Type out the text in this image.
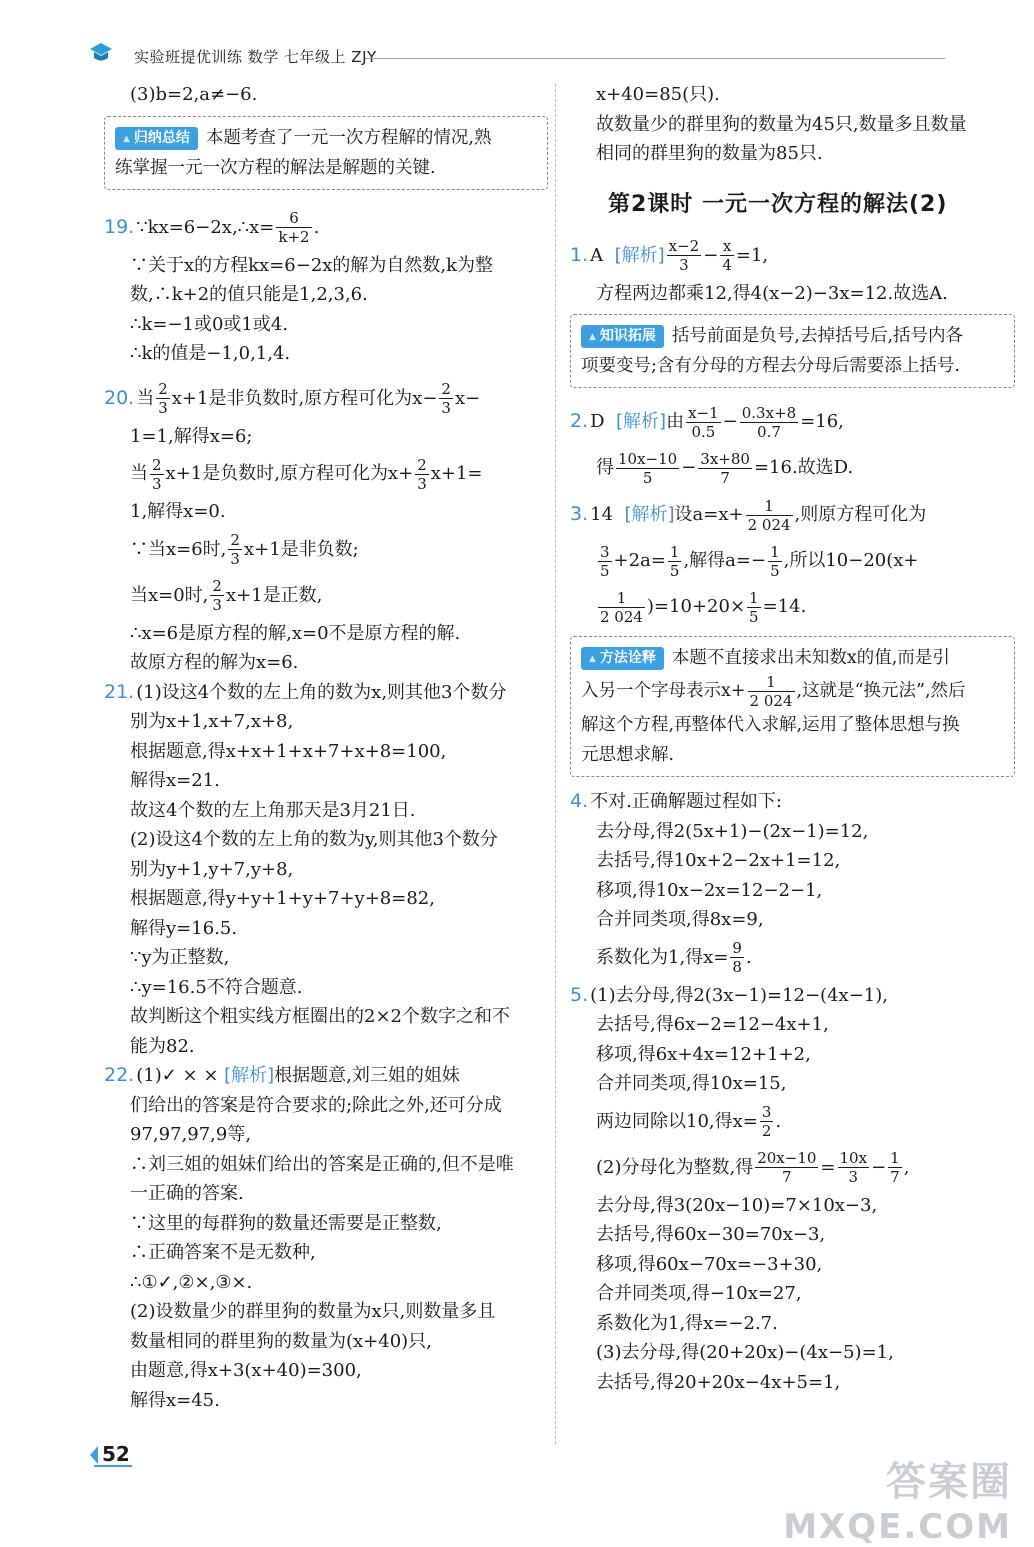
实验班提优训练 数学 七年级上 ZJY
(3)b=2,a≠−6.
▲ 归纳总结 本题考查了一元一次方程解的情况,熟
练掌握一元一次方程的解法是解题的关键.
19. ∵kx=6−2x,∴x= $\frac{6}{k+2}$ .
∵关于x的方程kx=6−2x的解为自然数,k为整
数,∴k+2的值只能是1,2,3,6.
∴k=−1或0或1或4.
∴k的值是−1,0,1,4.
20. 当 $\frac{2}{3} x+1$是非负数时,原方程可化为$x- \frac{2}{3} x-$
1=1,解得x=6;
当 $\frac{2}{3} x+1$是负数时,原方程可化为$x+ \frac{2}{3} x+1=$
1,解得x=0.
∵当x=6时, $\frac{2}{3} x+1$是非负数;
当x=0时, $\frac{2}{3} x+1$是正数,
∴x=6是原方程的解,x=0不是原方程的解.
故原方程的解为x=6.
21. (1)设这4个数的左上角的数为x,则其他3个数分
别为x+1,x+7,x+8,
根据题意,得x+x+1+x+7+x+8=100,
解得x=21.
故这4个数的左上角那天是3月21日.
(2)设这4个数的左上角的数为y,则其他3个数分
别为y+1,y+7,y+8,
根据题意,得y+y+1+y+7+y+8=82,
解得y=16.5.
∵y为正整数,
∴y=16.5不符合题意.
故判断这个粗实线方框圈出的2×2个数字之和不
能为82.
22. (1)✓ × × [解析]根据题意,刘三姐的姐妹
们给出的答案是符合要求的;除此之外,还可分成
97,97,97,9等,
∴刘三姐的姐妹们给出的答案是正确的,但不是唯
一正确的答案.
∵这里的每群狗的数量还需要是正整数,
∴正确答案不是无数种,
∴①✓,②×,③×.
(2)设数量少的群里狗的数量为x只,则数量多且
数量相同的群里狗的数量为(x+40)只,
由题意,得x+3(x+40)=300,
解得x=45.
x+40=85(只).
故数量少的群里狗的数量为45只,数量多且数量
相同的群里狗的数量为85只.
第2课时 一元一次方程的解法(2)
1. A [解析] $\frac{x-2}{3} - \frac{x}{4} =1$,
方程两边都乘12,得4(x−2)−3x=12.故选A.
▲ 知识拓展 括号前面是负号,去掉括号后,括号内各
项要变号;含有分母的方程去分母后需要添上括号.
2. D [解析]由 $\frac{x-1}{0.5} - \frac{0.3x+8}{0.7} =16$,
得 $\frac{10x-10}{5} - \frac{3x+80}{7} =16$.故选D.
3. 14 [解析]设$a=x+ \frac{1}{2 024}$ ,则原方程可化为
$\frac{3}{5} +2a= \frac{1}{5}$ ,解得$a=- \frac{1}{5}$ ,所以10−20(x+
$\frac{1}{2 024} )=10+20\times \frac{1}{5} =14$.
▲ 方法诠释 本题不直接求出未知数x的值,而是引
入另一个字母表示$x+ \frac{1}{2 024}$ ,这就是“换元法”,然后
解这个方程,再整体代入求解,运用了整体思想与换
元思想求解.
4. 不对.正确解题过程如下:
去分母,得2(5x+1)−(2x−1)=12,
去括号,得10x+2−2x+1=12,
移项,得10x−2x=12−2−1,
合并同类项,得8x=9,
系数化为1,得$x= \frac{9}{8}$ .
5. (1)去分母,得2(3x−1)=12−(4x−1),
去括号,得6x−2=12−4x+1,
移项,得6x+4x=12+1+2,
合并同类项,得10x=15,
两边同除以10,得$x= \frac{3}{2}$ .
(2)分母化为整数,得 $\frac{20x-10}{7} = \frac{10x}{3} - \frac{1}{7}$ ,
去分母,得3(20x−10)=7×10x−3,
去括号,得60x−30=70x−3,
移项,得60x−70x=−3+30,
合并同类项,得−10x=27,
系数化为1,得x=−2.7.
(3)去分母,得(20+20x)−(4x−5)=1,
去括号,得20+20x−4x+5=1,
52
答案圈
MXQE.COM
